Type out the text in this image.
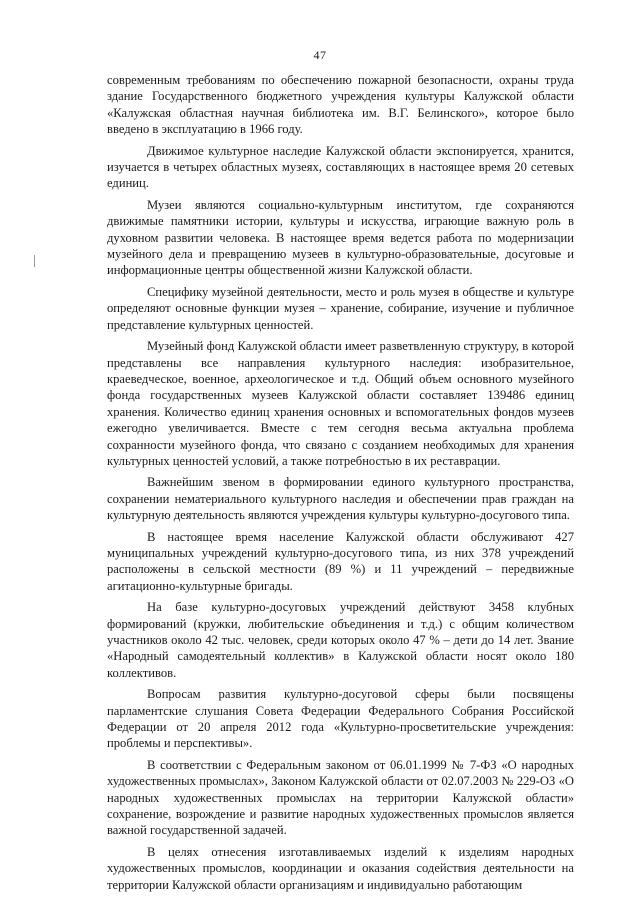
47

современным требованиям по обеспечению пожарной безопасности, охраны труда здание Государственного бюджетного учреждения культуры Калужской области «Калужская областная научная библиотека им. В.Г. Белинского», которое было введено в эксплуатацию в 1966 году.

Движимое культурное наследие Калужской области экспонируется, хранится, изучается в четырех областных музеях, составляющих в настоящее время 20 сетевых единиц.

Музеи являются социально-культурным институтом, где сохраняются движимые памятники истории, культуры и искусства, играющие важную роль в духовном развитии человека. В настоящее время ведется работа по модернизации музейного дела и превращению музеев в культурно-образовательные, досуговые и информационные центры общественной жизни Калужской области.

Специфику музейной деятельности, место и роль музея в обществе и культуре определяют основные функции музея – хранение, собирание, изучение и публичное представление культурных ценностей.

Музейный фонд Калужской области имеет разветвленную структуру, в которой представлены все направления культурного наследия: изобразительное, краеведческое, военное, археологическое и т.д. Общий объем основного музейного фонда государственных музеев Калужской области составляет 139486 единиц хранения. Количество единиц хранения основных и вспомогательных фондов музеев ежегодно увеличивается. Вместе с тем сегодня весьма актуальна проблема сохранности музейного фонда, что связано с созданием необходимых для хранения культурных ценностей условий, а также потребностью в их реставрации.

Важнейшим звеном в формировании единого культурного пространства, сохранении нематериального культурного наследия и обеспечении прав граждан на культурную деятельность являются учреждения культуры культурно-досугового типа.

В настоящее время население Калужской области обслуживают 427 муниципальных учреждений культурно-досугового типа, из них 378 учреждений расположены в сельской местности (89 %) и 11 учреждений – передвижные агитационно-культурные бригады.

На базе культурно-досуговых учреждений действуют 3458 клубных формирований (кружки, любительские объединения и т.д.) с общим количеством участников около 42 тыс. человек, среди которых около 47 % – дети до 14 лет. Звание «Народный самодеятельный коллектив» в Калужской области носят около 180 коллективов.

Вопросам развития культурно-досуговой сферы были посвящены парламентские слушания Совета Федерации Федерального Собрания Российской Федерации от 20 апреля 2012 года «Культурно-просветительские учреждения: проблемы и перспективы».

В соответствии с Федеральным законом от 06.01.1999 № 7-ФЗ «О народных художественных промыслах», Законом Калужской области от 02.07.2003 № 229-ОЗ «О народных художественных промыслах на территории Калужской области» сохранение, возрождение и развитие народных художественных промыслов является важной государственной задачей.

В целях отнесения изготавливаемых изделий к изделиям народных художественных промыслов, координации и оказания содействия деятельности на территории Калужской области организациям и индивидуально работающим
